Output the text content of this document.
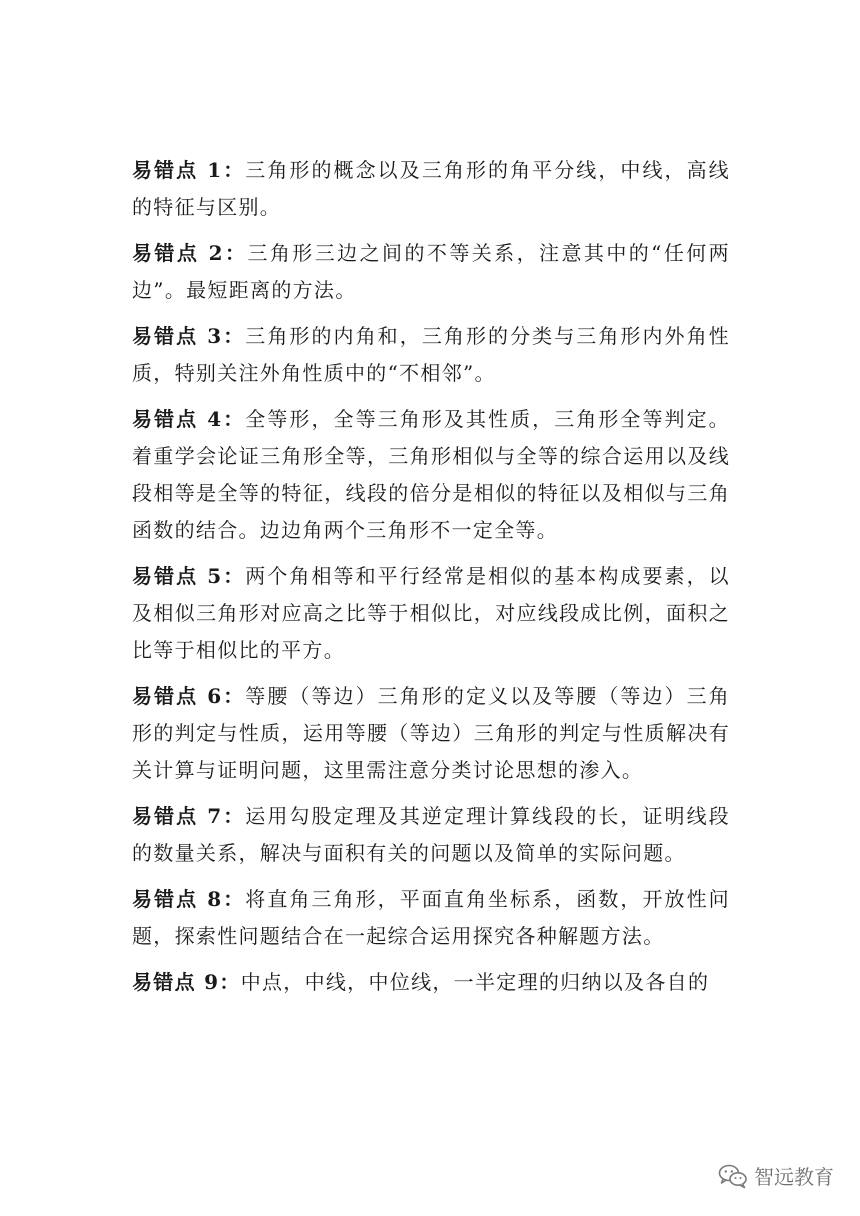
易错点 1：三角形的概念以及三角形的角平分线，中线，高线的特征与区别。

易错点 2：三角形三边之间的不等关系，注意其中的“任何两边”。最短距离的方法。

易错点 3：三角形的内角和，三角形的分类与三角形内外角性质，特别关注外角性质中的“不相邻”。

易错点 4：全等形，全等三角形及其性质，三角形全等判定。着重学会论证三角形全等，三角形相似与全等的综合运用以及线段相等是全等的特征，线段的倍分是相似的特征以及相似与三角函数的结合。边边角两个三角形不一定全等。

易错点 5：两个角相等和平行经常是相似的基本构成要素，以及相似三角形对应高之比等于相似比，对应线段成比例，面积之比等于相似比的平方。

易错点 6：等腰（等边）三角形的定义以及等腰（等边）三角形的判定与性质，运用等腰（等边）三角形的判定与性质解决有关计算与证明问题，这里需注意分类讨论思想的渗入。

易错点 7：运用勾股定理及其逆定理计算线段的长，证明线段的数量关系，解决与面积有关的问题以及简单的实际问题。

易错点 8：将直角三角形，平面直角坐标系，函数，开放性问题，探索性问题结合在一起综合运用探究各种解题方法。

易错点 9：中点，中线，中位线，一半定理的归纳以及各自的

智远教育
